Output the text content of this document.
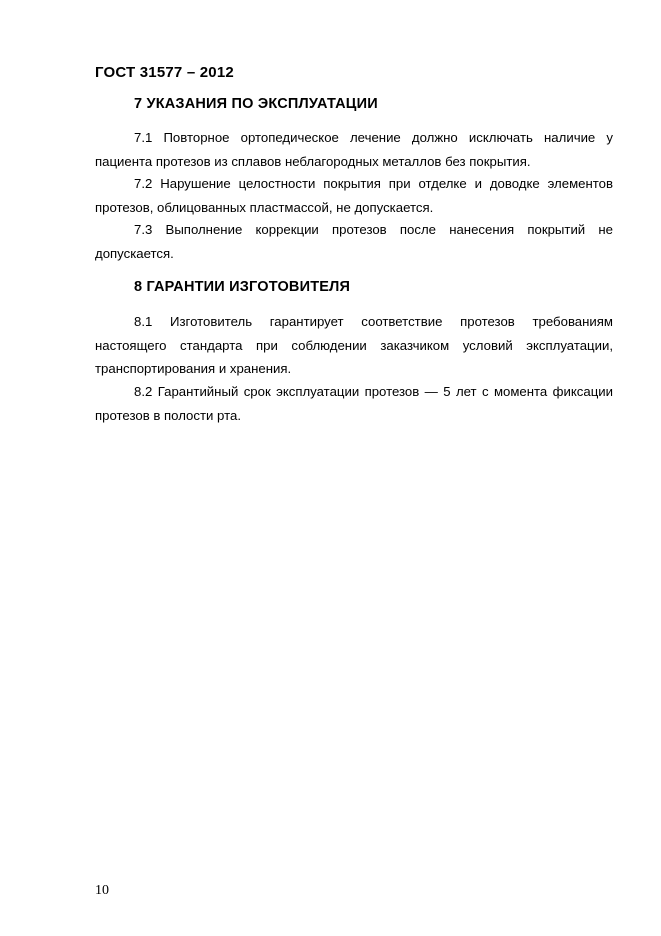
ГОСТ 31577 – 2012
7 УКАЗАНИЯ ПО ЭКСПЛУАТАЦИИ
7.1 Повторное ортопедическое лечение должно исключать наличие у пациента протезов из сплавов неблагородных металлов без покрытия.
7.2 Нарушение целостности покрытия при отделке и доводке элементов протезов, облицованных пластмассой, не допускается.
7.3 Выполнение коррекции протезов после нанесения покрытий не допускается.
8 ГАРАНТИИ ИЗГОТОВИТЕЛЯ
8.1 Изготовитель гарантирует соответствие протезов требованиям настоящего стандарта при соблюдении заказчиком условий эксплуатации, транспортирования и хранения.
8.2 Гарантийный срок эксплуатации протезов — 5 лет с момента фиксации протезов в полости рта.
10
